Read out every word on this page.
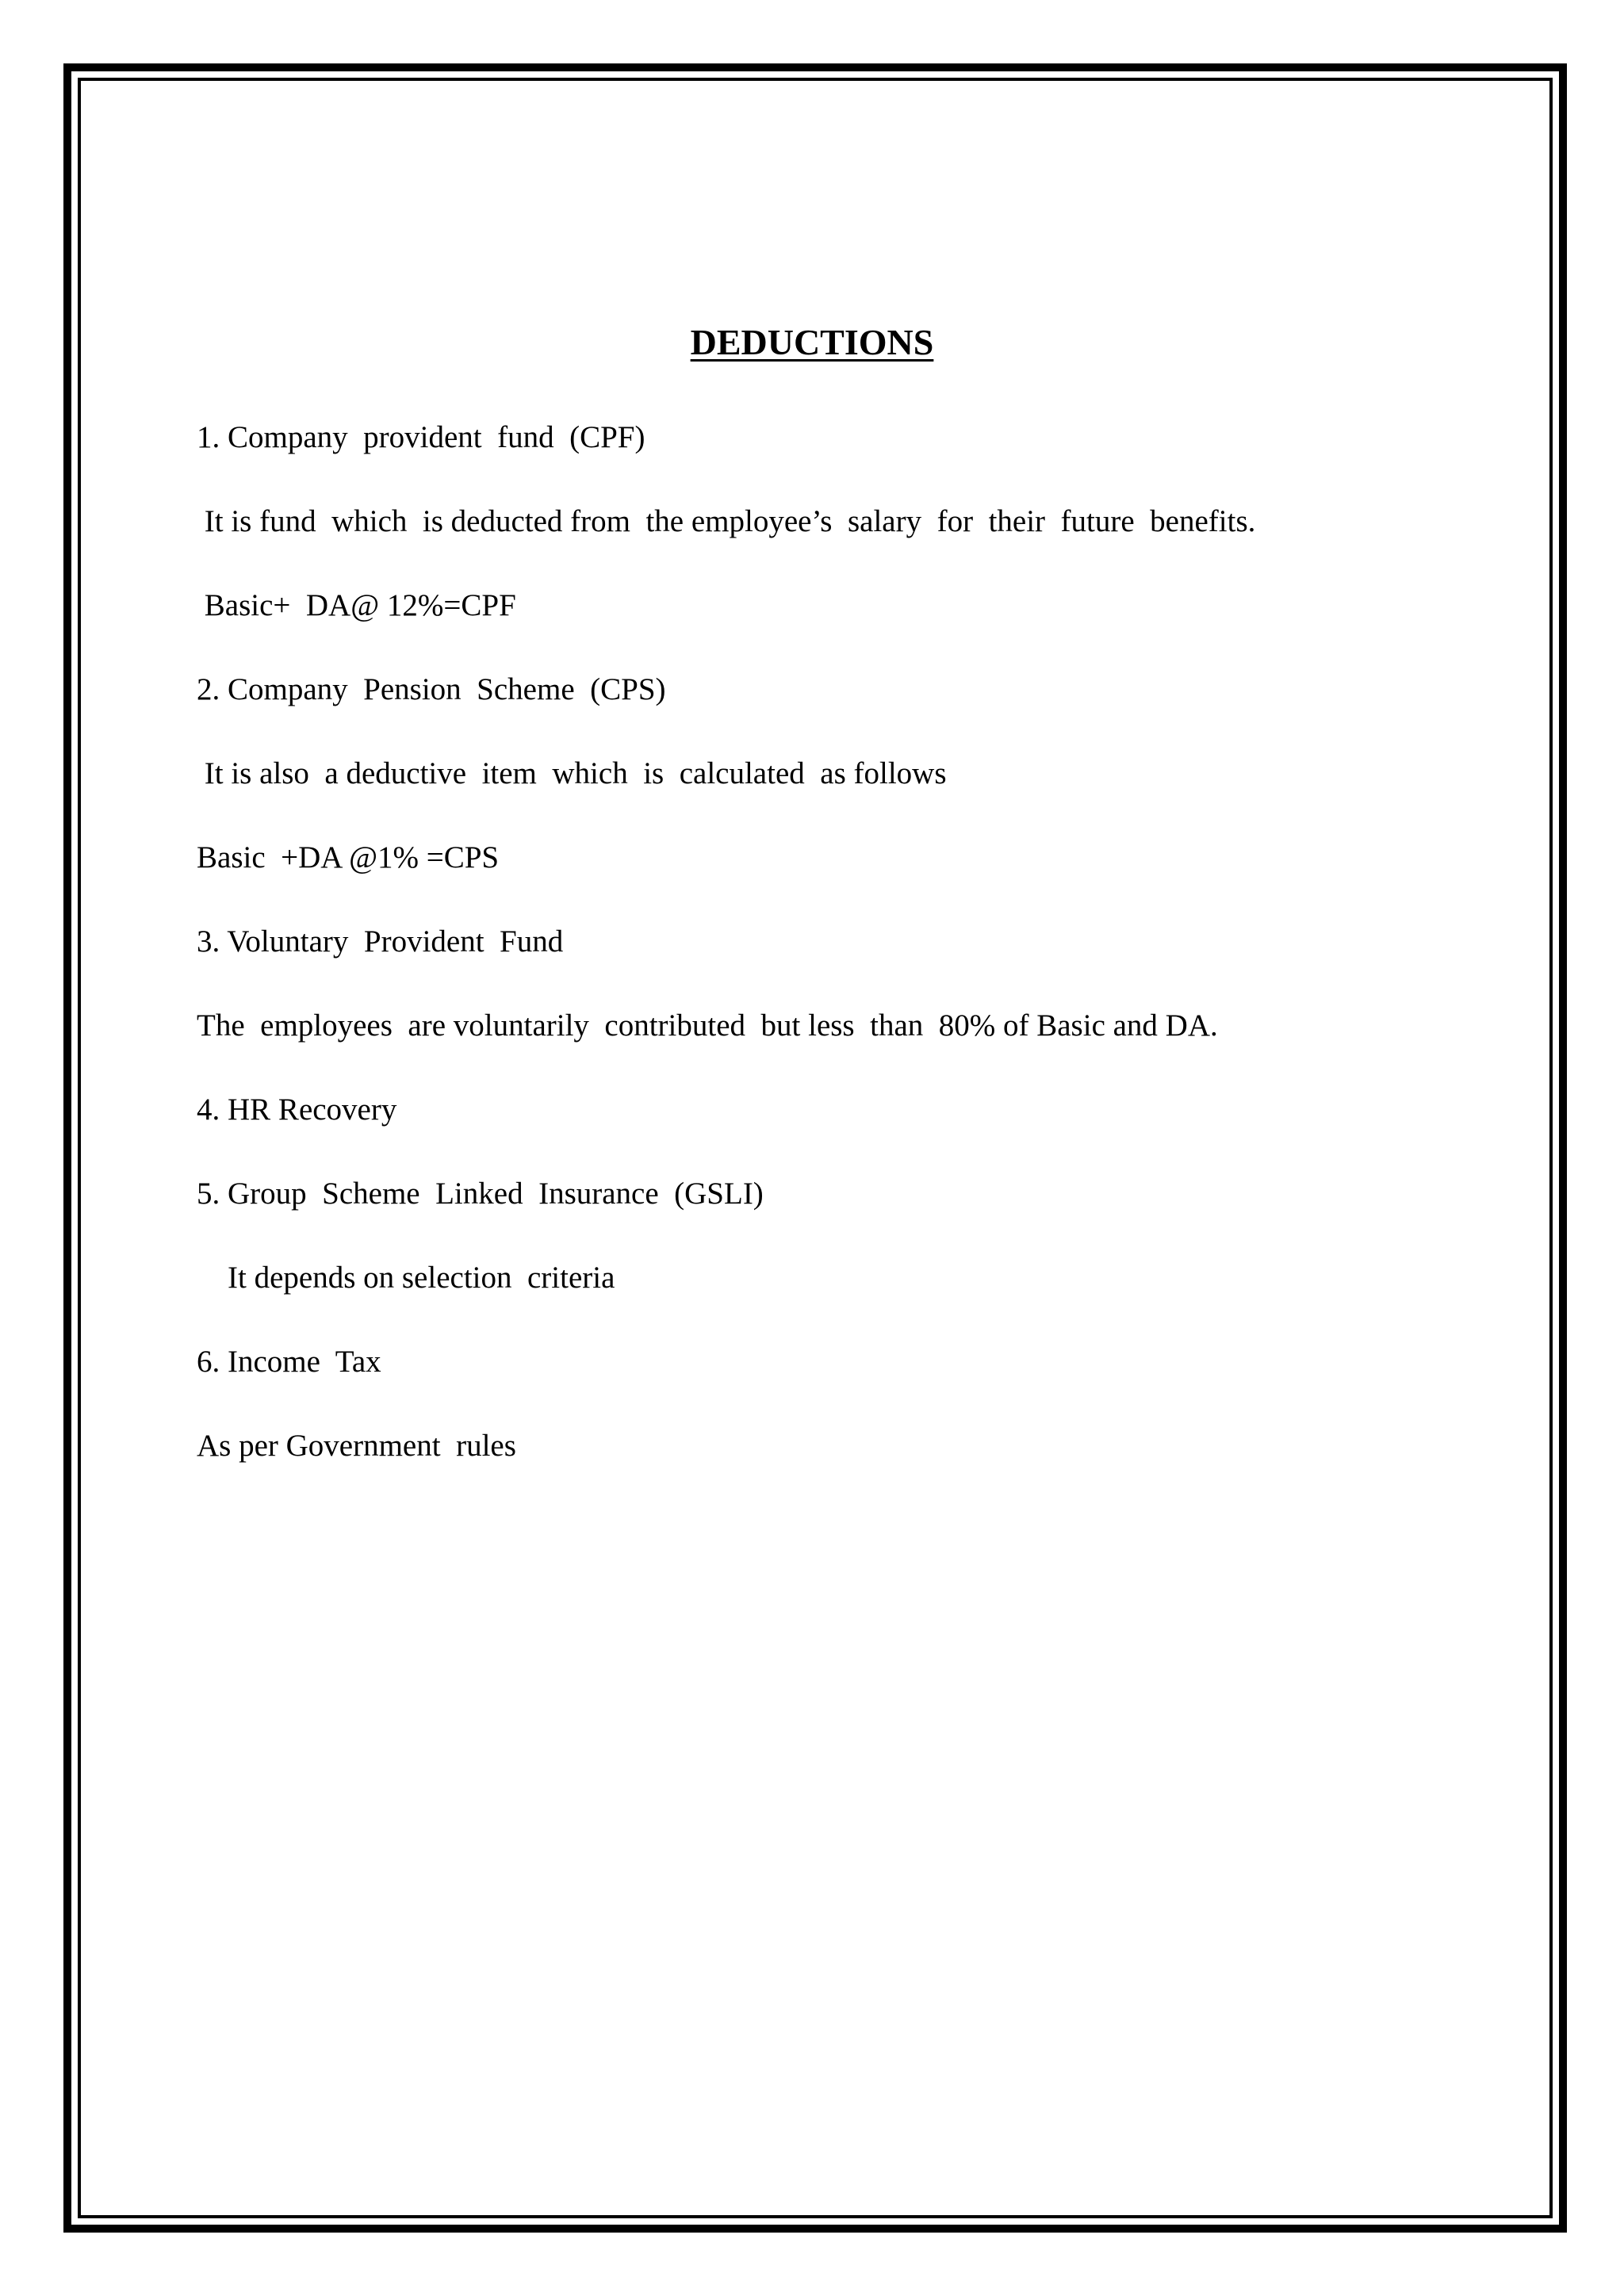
DEDUCTIONS
1. Company  provident  fund  (CPF)
It is fund  which  is deducted from  the employee’s  salary  for  their  future  benefits.
Basic+  DA@ 12%=CPF
2. Company  Pension  Scheme  (CPS)
It is also  a deductive  item  which  is  calculated  as follows
Basic  +DA @1% =CPS
3. Voluntary  Provident  Fund
The  employees  are voluntarily  contributed  but less  than  80% of Basic and DA.
4. HR Recovery
5. Group  Scheme  Linked  Insurance  (GSLI)
It depends on selection  criteria
6. Income  Tax
As per Government  rules
